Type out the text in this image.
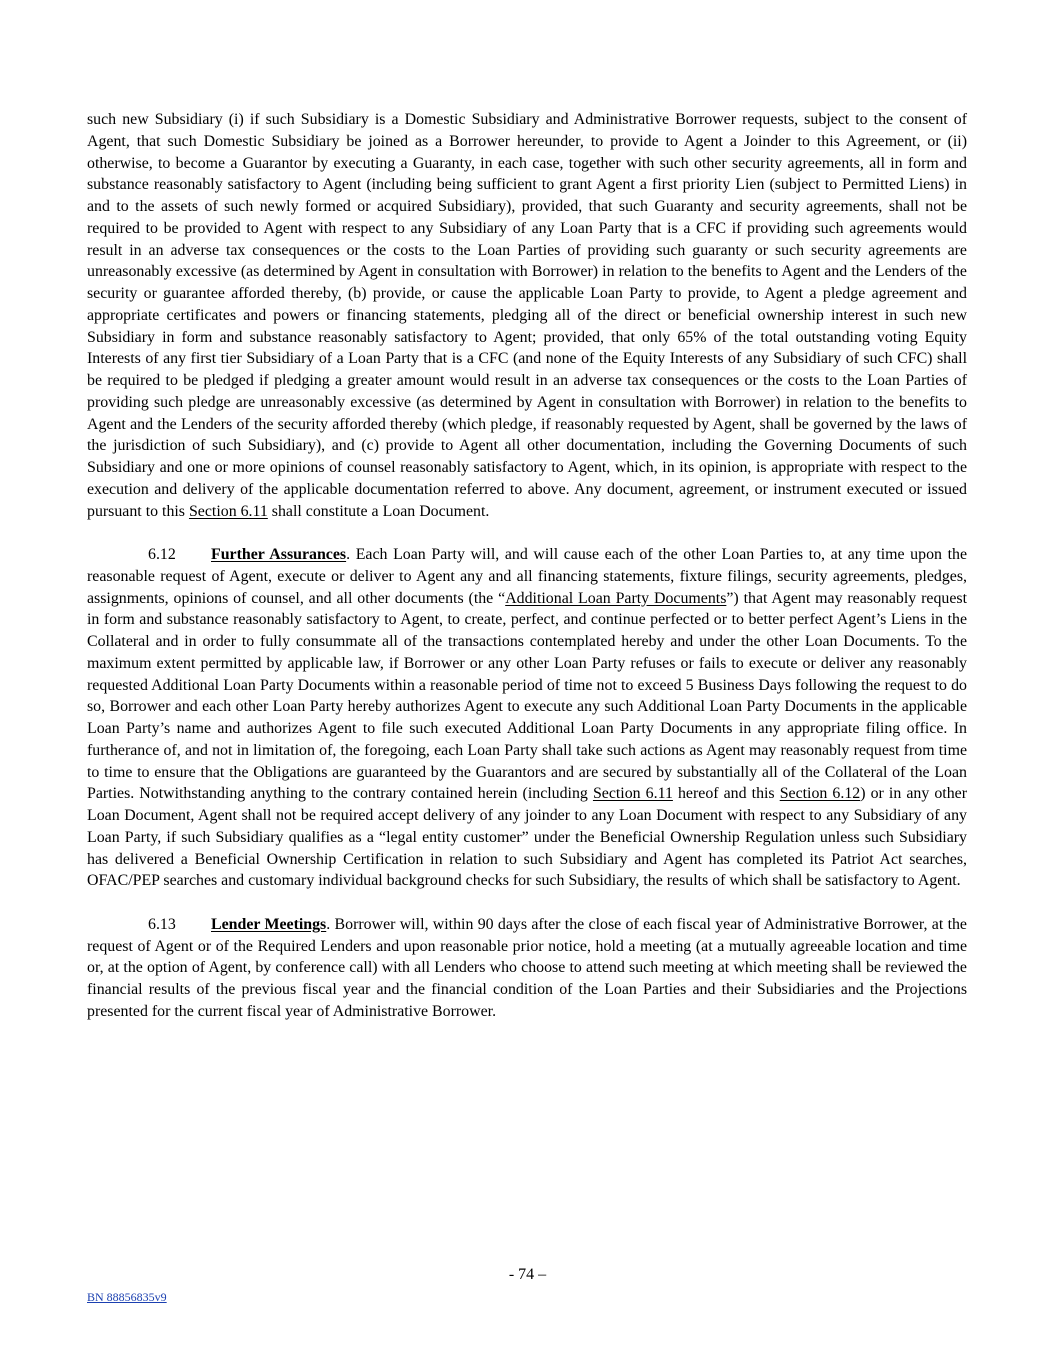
such new Subsidiary (i) if such Subsidiary is a Domestic Subsidiary and Administrative Borrower requests, subject to the consent of Agent, that such Domestic Subsidiary be joined as a Borrower hereunder, to provide to Agent a Joinder to this Agreement, or (ii) otherwise, to become a Guarantor by executing a Guaranty, in each case, together with such other security agreements, all in form and substance reasonably satisfactory to Agent (including being sufficient to grant Agent a first priority Lien (subject to Permitted Liens) in and to the assets of such newly formed or acquired Subsidiary), provided, that such Guaranty and security agreements, shall not be required to be provided to Agent with respect to any Subsidiary of any Loan Party that is a CFC if providing such agreements would result in an adverse tax consequences or the costs to the Loan Parties of providing such guaranty or such security agreements are unreasonably excessive (as determined by Agent in consultation with Borrower) in relation to the benefits to Agent and the Lenders of the security or guarantee afforded thereby, (b) provide, or cause the applicable Loan Party to provide, to Agent a pledge agreement and appropriate certificates and powers or financing statements, pledging all of the direct or beneficial ownership interest in such new Subsidiary in form and substance reasonably satisfactory to Agent; provided, that only 65% of the total outstanding voting Equity Interests of any first tier Subsidiary of a Loan Party that is a CFC (and none of the Equity Interests of any Subsidiary of such CFC) shall be required to be pledged if pledging a greater amount would result in an adverse tax consequences or the costs to the Loan Parties of providing such pledge are unreasonably excessive (as determined by Agent in consultation with Borrower) in relation to the benefits to Agent and the Lenders of the security afforded thereby (which pledge, if reasonably requested by Agent, shall be governed by the laws of the jurisdiction of such Subsidiary), and (c) provide to Agent all other documentation, including the Governing Documents of such Subsidiary and one or more opinions of counsel reasonably satisfactory to Agent, which, in its opinion, is appropriate with respect to the execution and delivery of the applicable documentation referred to above. Any document, agreement, or instrument executed or issued pursuant to this Section 6.11 shall constitute a Loan Document.

6.12 Further Assurances. Each Loan Party will, and will cause each of the other Loan Parties to, at any time upon the reasonable request of Agent, execute or deliver to Agent any and all financing statements, fixture filings, security agreements, pledges, assignments, opinions of counsel, and all other documents (the “Additional Loan Party Documents”) that Agent may reasonably request in form and substance reasonably satisfactory to Agent, to create, perfect, and continue perfected or to better perfect Agent’s Liens in the Collateral and in order to fully consummate all of the transactions contemplated hereby and under the other Loan Documents. To the maximum extent permitted by applicable law, if Borrower or any other Loan Party refuses or fails to execute or deliver any reasonably requested Additional Loan Party Documents within a reasonable period of time not to exceed 5 Business Days following the request to do so, Borrower and each other Loan Party hereby authorizes Agent to execute any such Additional Loan Party Documents in the applicable Loan Party’s name and authorizes Agent to file such executed Additional Loan Party Documents in any appropriate filing office. In furtherance of, and not in limitation of, the foregoing, each Loan Party shall take such actions as Agent may reasonably request from time to time to ensure that the Obligations are guaranteed by the Guarantors and are secured by substantially all of the Collateral of the Loan Parties. Notwithstanding anything to the contrary contained herein (including Section 6.11 hereof and this Section 6.12) or in any other Loan Document, Agent shall not be required accept delivery of any joinder to any Loan Document with respect to any Subsidiary of any Loan Party, if such Subsidiary qualifies as a “legal entity customer” under the Beneficial Ownership Regulation unless such Subsidiary has delivered a Beneficial Ownership Certification in relation to such Subsidiary and Agent has completed its Patriot Act searches, OFAC/PEP searches and customary individual background checks for such Subsidiary, the results of which shall be satisfactory to Agent.

6.13 Lender Meetings. Borrower will, within 90 days after the close of each fiscal year of Administrative Borrower, at the request of Agent or of the Required Lenders and upon reasonable prior notice, hold a meeting (at a mutually agreeable location and time or, at the option of Agent, by conference call) with all Lenders who choose to attend such meeting at which meeting shall be reviewed the financial results of the previous fiscal year and the financial condition of the Loan Parties and their Subsidiaries and the Projections presented for the current fiscal year of Administrative Borrower.

- 74 –
BN 88856835v9
